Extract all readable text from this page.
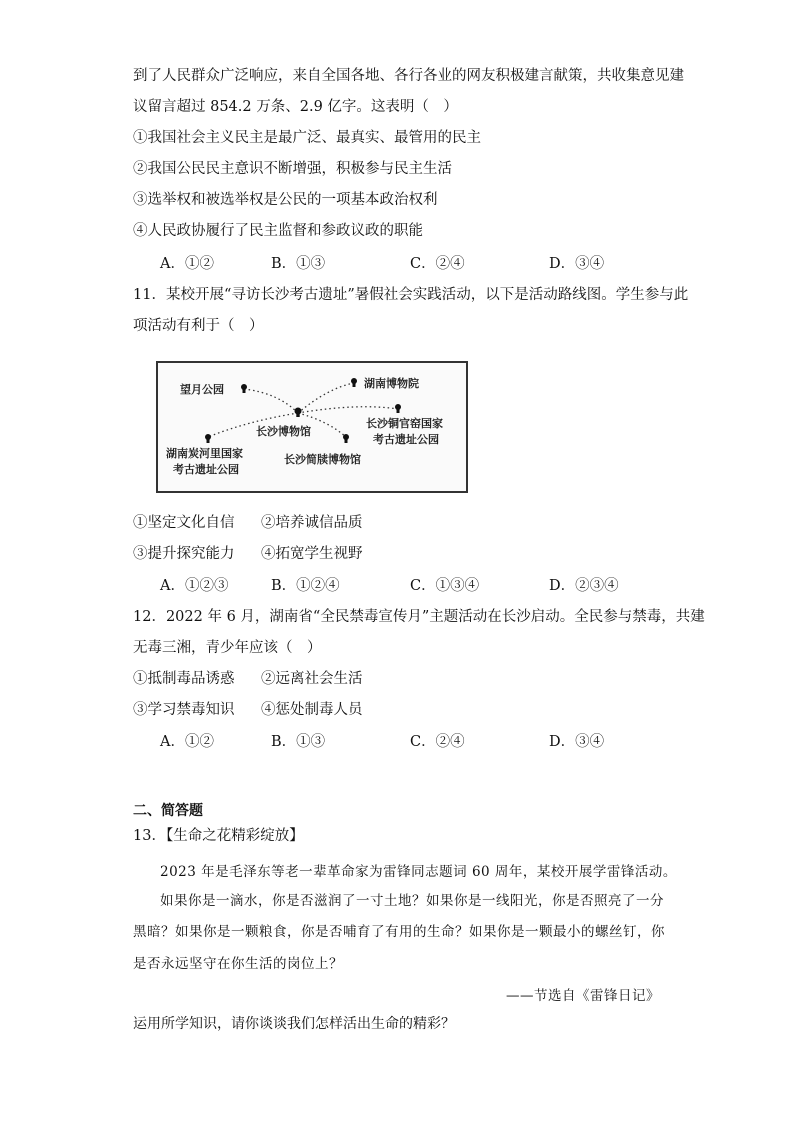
到了人民群众广泛响应，来自全国各地、各行各业的网友积极建言献策，共收集意见建
议留言超过 854.2 万条、2.9 亿字。这表明（　）
①我国社会主义民主是最广泛、最真实、最管用的民主
②我国公民民主意识不断增强，积极参与民主生活
③选举权和被选举权是公民的一项基本政治权利
④人民政协履行了民主监督和参政议政的职能
A．①②	B．①③	C．②④	D．③④
11．某校开展“寻访长沙考古遗址”暑假社会实践活动，以下是活动路线图。学生参与此
项活动有利于（　）
望月公园	湖南博物院
长沙博物馆
长沙铜官窑国家
考古遗址公园
湖南炭河里国家
考古遗址公园
长沙简牍博物馆
①坚定文化自信 ②培养诚信品质
③提升探究能力 ④拓宽学生视野
A．①②③	B．①②④	C．①③④	D．②③④
12．2022 年 6 月，湖南省“全民禁毒宣传月”主题活动在长沙启动。全民参与禁毒，共建
无毒三湘，青少年应该（　）
①抵制毒品诱惑 ②远离社会生活
③学习禁毒知识 ④惩处制毒人员
A．①②	B．①③	C．②④	D．③④
二、简答题
13．【生命之花精彩绽放】
2023 年是毛泽东等老一辈革命家为雷锋同志题词 60 周年，某校开展学雷锋活动。
如果你是一滴水，你是否滋润了一寸土地？如果你是一线阳光，你是否照亮了一分
黑暗？如果你是一颗粮食，你是否哺育了有用的生命？如果你是一颗最小的螺丝钉，你
是否永远坚守在你生活的岗位上？
——节选自《雷锋日记》
运用所学知识，请你谈谈我们怎样活出生命的精彩？
